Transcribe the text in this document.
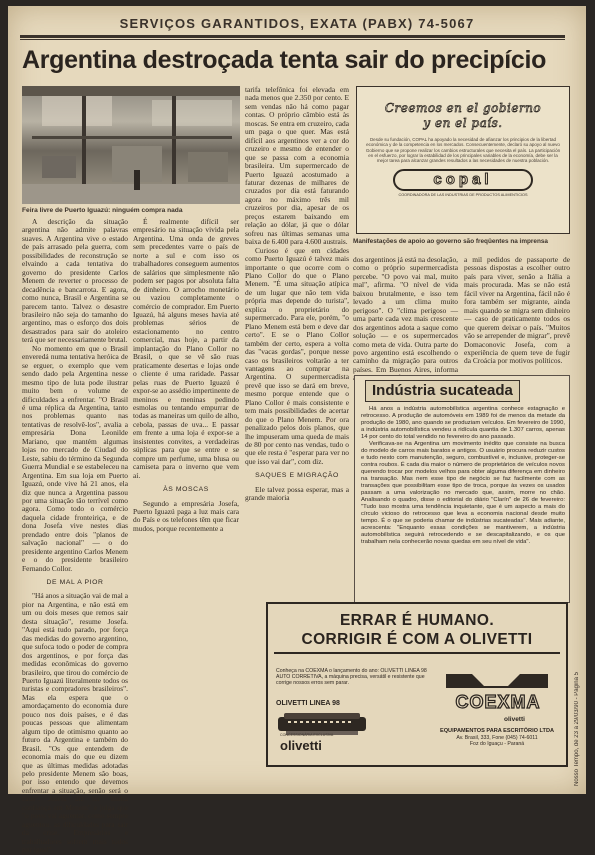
SERVIÇOS GARANTIDOS, EXATA (PABX) 74-5067
Argentina destroçada tenta sair do precipício
Feira livre de Puerto Iguazú: ninguém compra nada

A descrição da situação argentina não admite palavras suaves. A Argentina vive o estado de país arrasado pela guerra, com possibilidades de reconstrução se elvaindo a cada tentativa do governo do presidente Carlos Menem de reverter o processo de decadência e bancarrota. E agora, como nunca, Brasil e Argentina se parecem tanto. Talvez o desastre brasileiro não seja do tamanho do argentino, mas o esforço dos dois desastrados para sair do atoleiro terá que ser necessariamente brutal.

No momento em que o Brasil enveredá numa tentativa heróica de se erguer, o exemplo que vem sendo dado pela Argentina nesse mesmo tipo de luta pode ilustrar muito bem o volume de dificuldades a enfrentar. "O Brasil é uma réplica da Argentina, tanto nos problemas quanto nas tentativas de resolvê-los", avalia a empresária Dona Leonilde Mariano, que mantém algumas lojas no mercado de Ciudad do Leste, sabiu do término da Segunda Guerra Mundial e se estabeleceu na Argentina. Em sua loja em Puerto Iguazú, onde vive há 21 anos, ela diz que nunca a Argentina passou por uma situação tão terrível como agora. Como todo o comércio daquela cidade fronteiriça, e de dona Josefa vive nestes dias prendado entre dois "planos de salvação nacional" — o do presidente argentino Carlos Menem e o do presidente brasileiro Fernando Collor.

DE MAL A PIOR

"Há anos a situação vai de mal a pior na Argentina, e não está em um ou dois meses que remos sair desta situação", resume Josefa. "Aqui está tudo parado, por força das medidas do governo argentino, que sufoca todo o poder de compra dos argentinos, e por força das medidas econômicas do governo brasileiro, que tirou do comércio de Puerto Iguazú literalmente todos os turistas e compradores brasileiros". Mas ela espera que o amordaçamento do economia dure pouco nos dois países, e é das poucas pessoas que alimentam algum tipo de otimismo quanto ao futuro da Argentina e também do Brasil. "Os que entendem de economia mais do que eu dizem que as últimas medidas adotadas pelo presidente Menem são boas, por isso entendo que devemos enfrentar a situação, senão será o caos". Josefa diz ter "muita confiança em Menem" e julga que "o povo vai aguentar, como sempre aguentou, as dificuldades para sair da crise. Empresários e trabalhadores sofrem mais todos por igual".

É realmente difícil ser empresário na situação vivida pela Argentina. Uma onda de greves sem precedentes varre o país de norte a sul e com isso os trabalhadores conseguem aumentos de salários que simplesmente não podem ser pagos por absoluta falta de dinheiro. O arrocho monetário ou vaziou completamente o comércio de comprador. Em Puerto Iguazú, há alguns meses havia até problemas sérios de estacionamento no centro comercial, mas hoje, a partir da implantação do Plano Collor no Brasil, o que se vê são ruas praticamente desertas e lojas onde o cliente é uma raridade. Passar pelas ruas de Puerto Iguazú é expor-se ao assédio impertinente de meninos e meninas pedindo esmolas ou tentando empurrar de todas as maneiras um quilo de alho, cebola, passas de uva... E passar em frente a uma loja é expor-se a insistentes convites, a verdadeiras súplicas para que se entre e se compre um perfume, uma blusa ou camiseta para o inverno que vem aí.

ÀS MOSCAS

Segundo a empresária Josefa, Puerto Iguazú paga a luz mais cara do País e os telefones têm que ficar mudos, porque recentemente a

tarifa telefônica foi elevada em nada menos que 2.350 por cento. E sem vendas não há como pagar contas. O próprio câmbio está às moscas. Se entra em cruzeiro, cada um paga o que quer. Mas está difícil aos argentinos ver a cor do cruzeiro e mesmo de entender o que se passa com a economia brasileira. Um supermercado de Puerto Iguazú acostumado a faturar dezenas de milhares de cruzados por dia está faturando agora no máximo três mil cruzeiros por dia, apesar de os preços estarem baixando em relação ao dólar, já que o dólar sofreu nas últimas semanas uma baixa de 6.400 para 4.600 austrais.

Curioso é que em cidades como Puerto Iguazú é talvez mais importante o que ocorre com o Plano Collor do que o Plano Menem. "É uma situação atípica de um lugar que não tem vida própria mas depende do turista", explica o proprietário do supermercado. Para ele, porém, "o Plano Menem está bem e deve dar certo". E se o Plano Collor também der certo, espera a volta das "vacas gordas", porque nesse caso os brasileiros voltarão a ter vantagens ao comprar na Argentina. O supermercadista prevê que isso se dará em breve, mesmo porque entende que o Plano Collor é mais consistente e tem mais possibilidades de acertar do que o Plano Menem. Por ora penalizado pelos dois planos, que lhe impuseram uma queda de mais de 80 por cento nas vendas, tudo o que ele resta é "esperar para ver no que isso vai dar", com diz.

SAQUES E MIGRAÇÃO

Ele talvez possa esperar, mas a grande maioria

Creemos en el gobierno
y en el país.
Desde su fundación, COPAL ha apoyado la necesidad de afianzar los principios de la libertad económica y de la competencia en los mercados. Consecuentemente, declaró su apoyo al nuevo Gobierno que se propone realizar los cambios estructurales que necesita el país. La participación en el esfuerzo, por lograr la estabilidad de los principales variables de la economía, debe ser la mejor tarea para alcanzar grandes resultados a las necesidades de nuestra población.
copal
COORDINADORA DE LAS INDUSTRIAS DE PRODUCTOS ALIMENTICIOS
Manifestações de apoio ao governo são freqüentes na imprensa

dos argentinos já está na desolação, como o próprio supermercadista percebe. "O povo vai mal, muito mal", afirma. "O nível de vida baixou brutalmente, e isso tem levado a um clima muito perigoso". O "clima perigoso — uma parte cada vez mais crescente dos argentinos adota a saque como solução — e os supermercados como meta de vida. Outra parte do povo argentino está escolhendo o caminho da migração para outros países. Em Buenos Aires, informa

a mil pedidos de passaporte de pessoas dispostas a escolher outro país para viver, senão a Itália a mais procurada. Mas se não está fácil viver na Argentina, fácil não é fora também ser migrante, ainda mais quando se migra sem dinheiro — caso de praticamente todos os que querem deixar o país. "Muitos vão se arrepender de migrar", prevê Domaconovic Josefa, com a experiência de quem teve de fugir da Croácia por motivos políticos.

Indústria sucateada

Há anos a indústria automobilística argentina conhece estagnação e retrocesso. A produção de automóveis em 1989 foi de menos da metade da produção de 1980, ano quando se produziam veículos. Em fevereiro de 1990, a indústria automobilística vendeu a ridícula quantia de 1.307 carros, apenas 14 por cento do total vendido no fevereiro do ano passado.

Verificava-se na Argentina um movimento inédito que consiste na busca do modelo de carros mais baratos e antigos. O usuário procura reduzir custos e tudo nesto com manutenção, seguro, combustível e, inclusive, proteger-se contra roubos. É cada dia maior o número de proprietários de veículos novos querendo trocar por modelos velhos para obter alguma diferença em dinheiro na transação. Mas nem esse tipo de negócio se faz facilmente com as transações que possibilitam esse tipo de troca, porque às vezes os usados passam a uma valorização no mercado que, assim, morre no chão. Analisando o quadro, disse o editorial do diário "Clarín" de 26 de fevereiro: "Tudo isso mostra uma tendência inquietante, que é um aspecto a mais do círculo vicioso do retrocesso que leva a economia nacional desde muito tempo. É o que se poderia chamar de indústrias sucateadas". Mais adiante, acrescenta: "Enquanto essas condições se mantiverem, a indústria automobilística seguirá retrocedendo e se descapitalizando, e os que trabalham nela conhecerão novas quedas em seu nível de vida".

ERRAR É HUMANO.
CORRIGIR É COM A OLIVETTI
Conheça na COEXMA o lançamento do ano: OLIVETTI LINEA 98 AUTO CORRETIVA, a máquina precisa, versátil e resistente que corrige nossos erros sem parar.
OLIVETTI LINEA 98
CONCESSIONÁRIA EXCLUSIVA
olivetti
COEXMA
olivetti
EQUIPAMENTOS PARA ESCRITÓRIO LTDA
Av. Brasil, 333, Fone (045) 74-6011
Foz do Iguaçu - Paraná	Nosso Tempo, de 23 a 29/03/90 - Página 5
